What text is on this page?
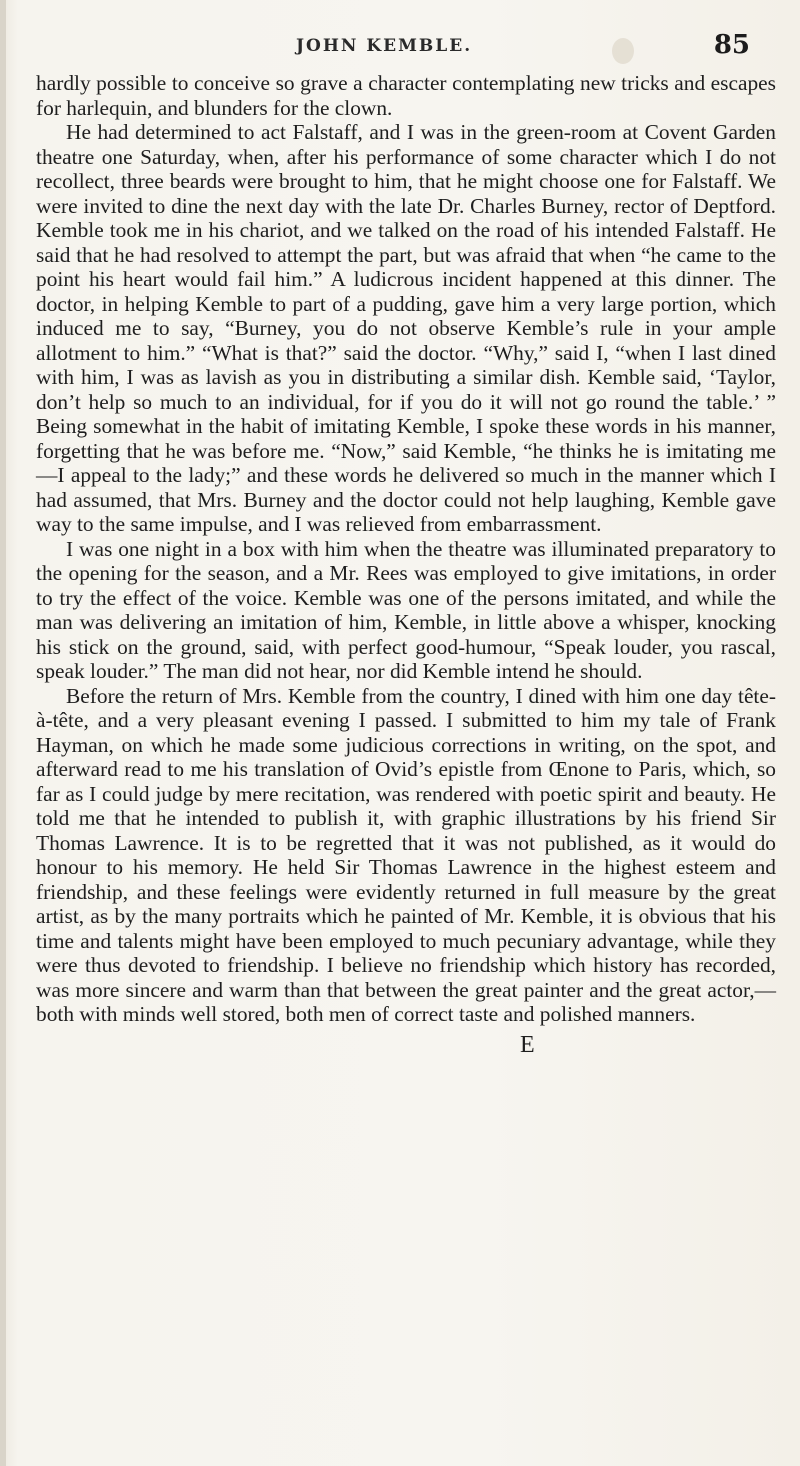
JOHN KEMBLE.	85

hardly possible to conceive so grave a character contemplating new tricks and escapes for harlequin, and blunders for the clown.

He had determined to act Falstaff, and I was in the green-room at Covent Garden theatre one Saturday, when, after his performance of some character which I do not recollect, three beards were brought to him, that he might choose one for Falstaff. We were invited to dine the next day with the late Dr. Charles Burney, rector of Deptford. Kemble took me in his chariot, and we talked on the road of his intended Falstaff. He said that he had resolved to attempt the part, but was afraid that when “he came to the point his heart would fail him.” A ludicrous incident happened at this dinner. The doctor, in helping Kemble to part of a pudding, gave him a very large portion, which induced me to say, “Burney, you do not observe Kemble’s rule in your ample allotment to him.” “What is that?” said the doctor. “Why,” said I, “when I last dined with him, I was as lavish as you in distributing a similar dish. Kemble said, ‘Taylor, don’t help so much to an individual, for if you do it will not go round the table.’ ” Being somewhat in the habit of imitating Kemble, I spoke these words in his manner, forgetting that he was before me. “Now,” said Kemble, “he thinks he is imitating me—I appeal to the lady;” and these words he delivered so much in the manner which I had assumed, that Mrs. Burney and the doctor could not help laughing, Kemble gave way to the same impulse, and I was relieved from embarrassment.

I was one night in a box with him when the theatre was illuminated preparatory to the opening for the season, and a Mr. Rees was employed to give imitations, in order to try the effect of the voice. Kemble was one of the persons imitated, and while the man was delivering an imitation of him, Kemble, in little above a whisper, knocking his stick on the ground, said, with perfect good-humour, “Speak louder, you rascal, speak louder.” The man did not hear, nor did Kemble intend he should.

Before the return of Mrs. Kemble from the country, I dined with him one day tête-à-tête, and a very pleasant evening I passed. I submitted to him my tale of Frank Hayman, on which he made some judicious corrections in writing, on the spot, and afterward read to me his translation of Ovid’s epistle from Œnone to Paris, which, so far as I could judge by mere recitation, was rendered with poetic spirit and beauty. He told me that he intended to publish it, with graphic illustrations by his friend Sir Thomas Lawrence. It is to be regretted that it was not published, as it would do honour to his memory. He held Sir Thomas Lawrence in the highest esteem and friendship, and these feelings were evidently returned in full measure by the great artist, as by the many portraits which he painted of Mr. Kemble, it is obvious that his time and talents might have been employed to much pecuniary advantage, while they were thus devoted to friendship. I believe no friendship which history has recorded, was more sincere and warm than that between the great painter and the great actor,—both with minds well stored, both men of correct taste and polished manners.

E
